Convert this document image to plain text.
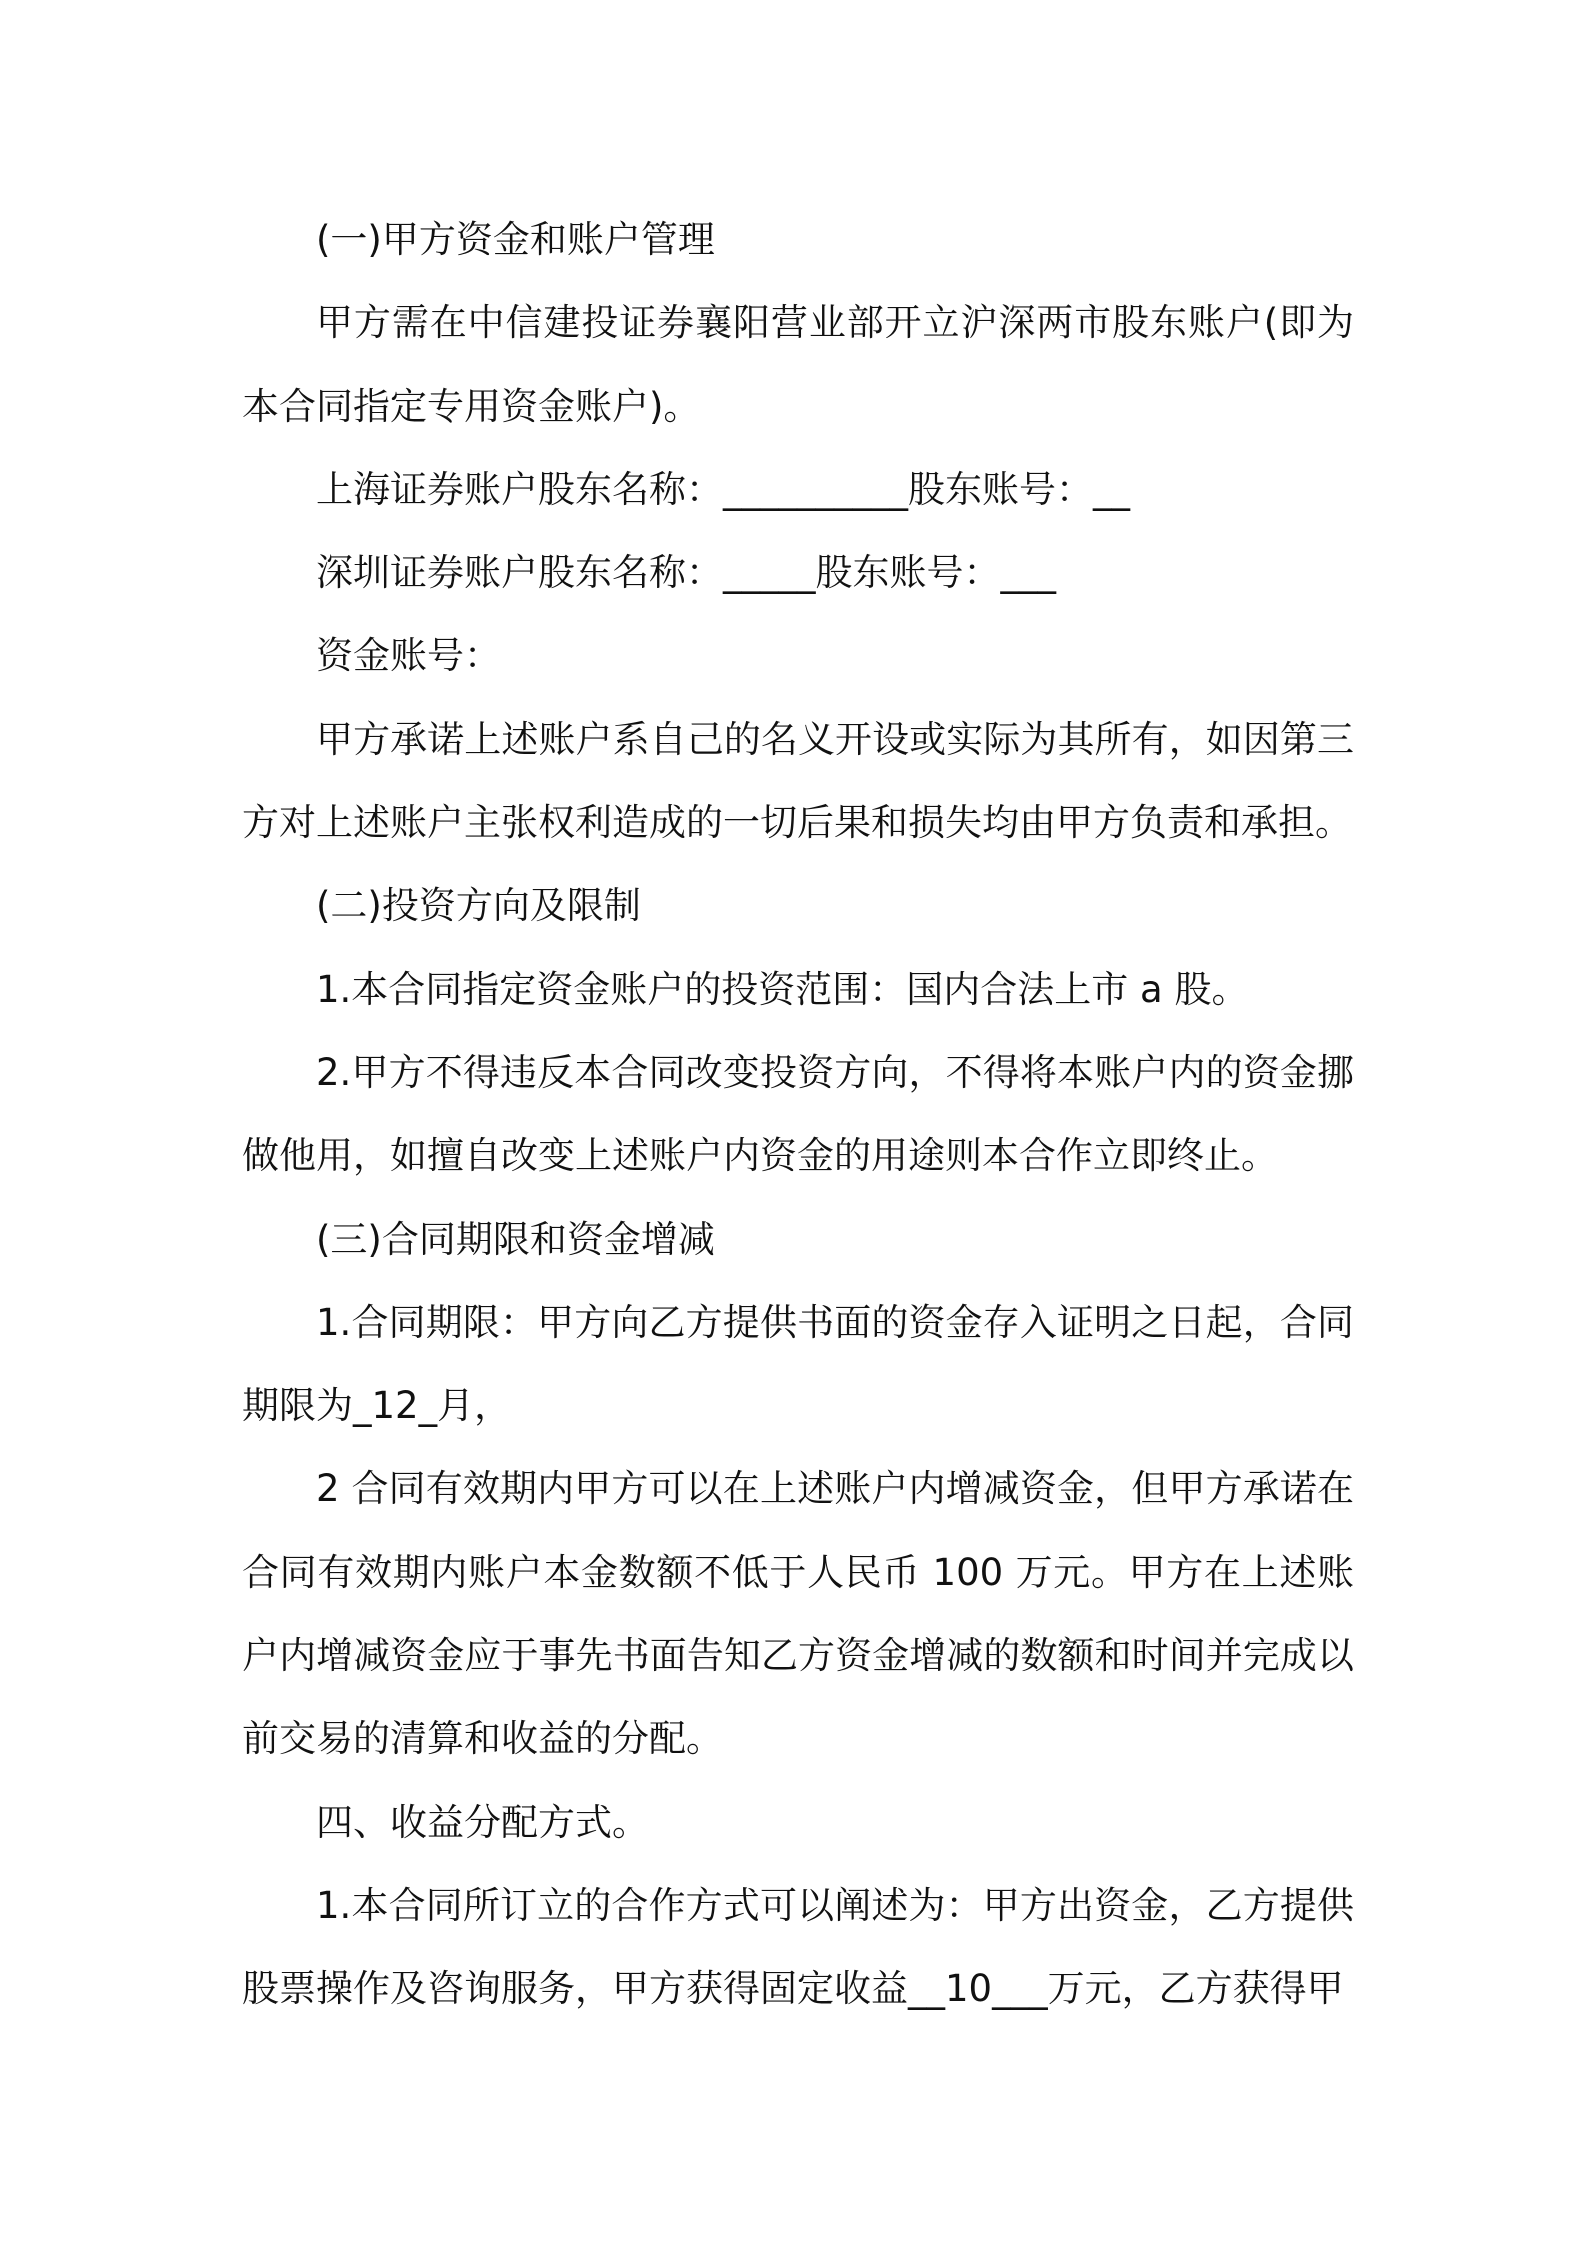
(一)甲方资金和账户管理

甲方需在中信建投证券襄阳营业部开立沪深两市股东账户(即为本合同指定专用资金账户)。

上海证券账户股东名称：__________股东账号：__

深圳证券账户股东名称：_____股东账号：___

资金账号：

甲方承诺上述账户系自己的名义开设或实际为其所有，如因第三方对上述账户主张权利造成的一切后果和损失均由甲方负责和承担。

(二)投资方向及限制

1.本合同指定资金账户的投资范围：国内合法上市 a 股。

2.甲方不得违反本合同改变投资方向，不得将本账户内的资金挪做他用，如擅自改变上述账户内资金的用途则本合作立即终止。

(三)合同期限和资金增减

1.合同期限：甲方向乙方提供书面的资金存入证明之日起，合同期限为_12_月，

2 合同有效期内甲方可以在上述账户内增减资金，但甲方承诺在合同有效期内账户本金数额不低于人民币 100 万元。甲方在上述账户内增减资金应于事先书面告知乙方资金增减的数额和时间并完成以前交易的清算和收益的分配。

四、收益分配方式。

1.本合同所订立的合作方式可以阐述为：甲方出资金，乙方提供股票操作及咨询服务，甲方获得固定收益__10___万元，乙方获得甲
